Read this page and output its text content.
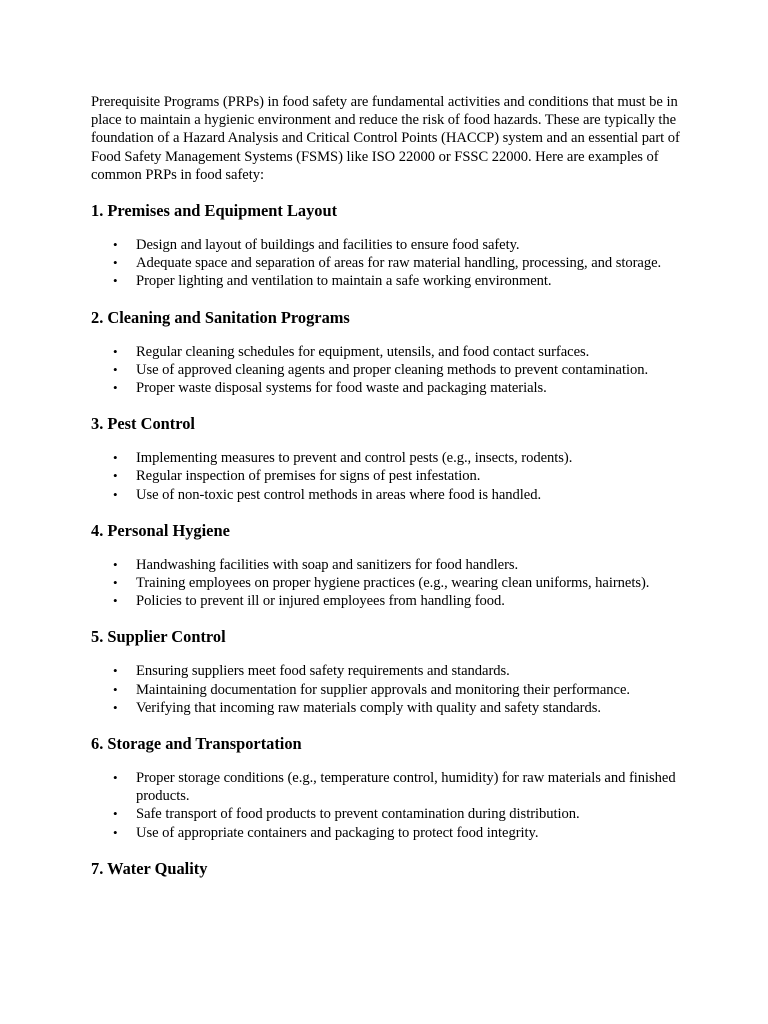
Prerequisite Programs (PRPs) in food safety are fundamental activities and conditions that must be in place to maintain a hygienic environment and reduce the risk of food hazards. These are typically the foundation of a Hazard Analysis and Critical Control Points (HACCP) system and an essential part of Food Safety Management Systems (FSMS) like ISO 22000 or FSSC 22000. Here are examples of common PRPs in food safety:

1. Premises and Equipment Layout
• Design and layout of buildings and facilities to ensure food safety.
• Adequate space and separation of areas for raw material handling, processing, and storage.
• Proper lighting and ventilation to maintain a safe working environment.
2. Cleaning and Sanitation Programs
• Regular cleaning schedules for equipment, utensils, and food contact surfaces.
• Use of approved cleaning agents and proper cleaning methods to prevent contamination.
• Proper waste disposal systems for food waste and packaging materials.
3. Pest Control
• Implementing measures to prevent and control pests (e.g., insects, rodents).
• Regular inspection of premises for signs of pest infestation.
• Use of non-toxic pest control methods in areas where food is handled.
4. Personal Hygiene
• Handwashing facilities with soap and sanitizers for food handlers.
• Training employees on proper hygiene practices (e.g., wearing clean uniforms, hairnets).
• Policies to prevent ill or injured employees from handling food.
5. Supplier Control
• Ensuring suppliers meet food safety requirements and standards.
• Maintaining documentation for supplier approvals and monitoring their performance.
• Verifying that incoming raw materials comply with quality and safety standards.
6. Storage and Transportation
• Proper storage conditions (e.g., temperature control, humidity) for raw materials and finished products.
• Safe transport of food products to prevent contamination during distribution.
• Use of appropriate containers and packaging to protect food integrity.
7. Water Quality
